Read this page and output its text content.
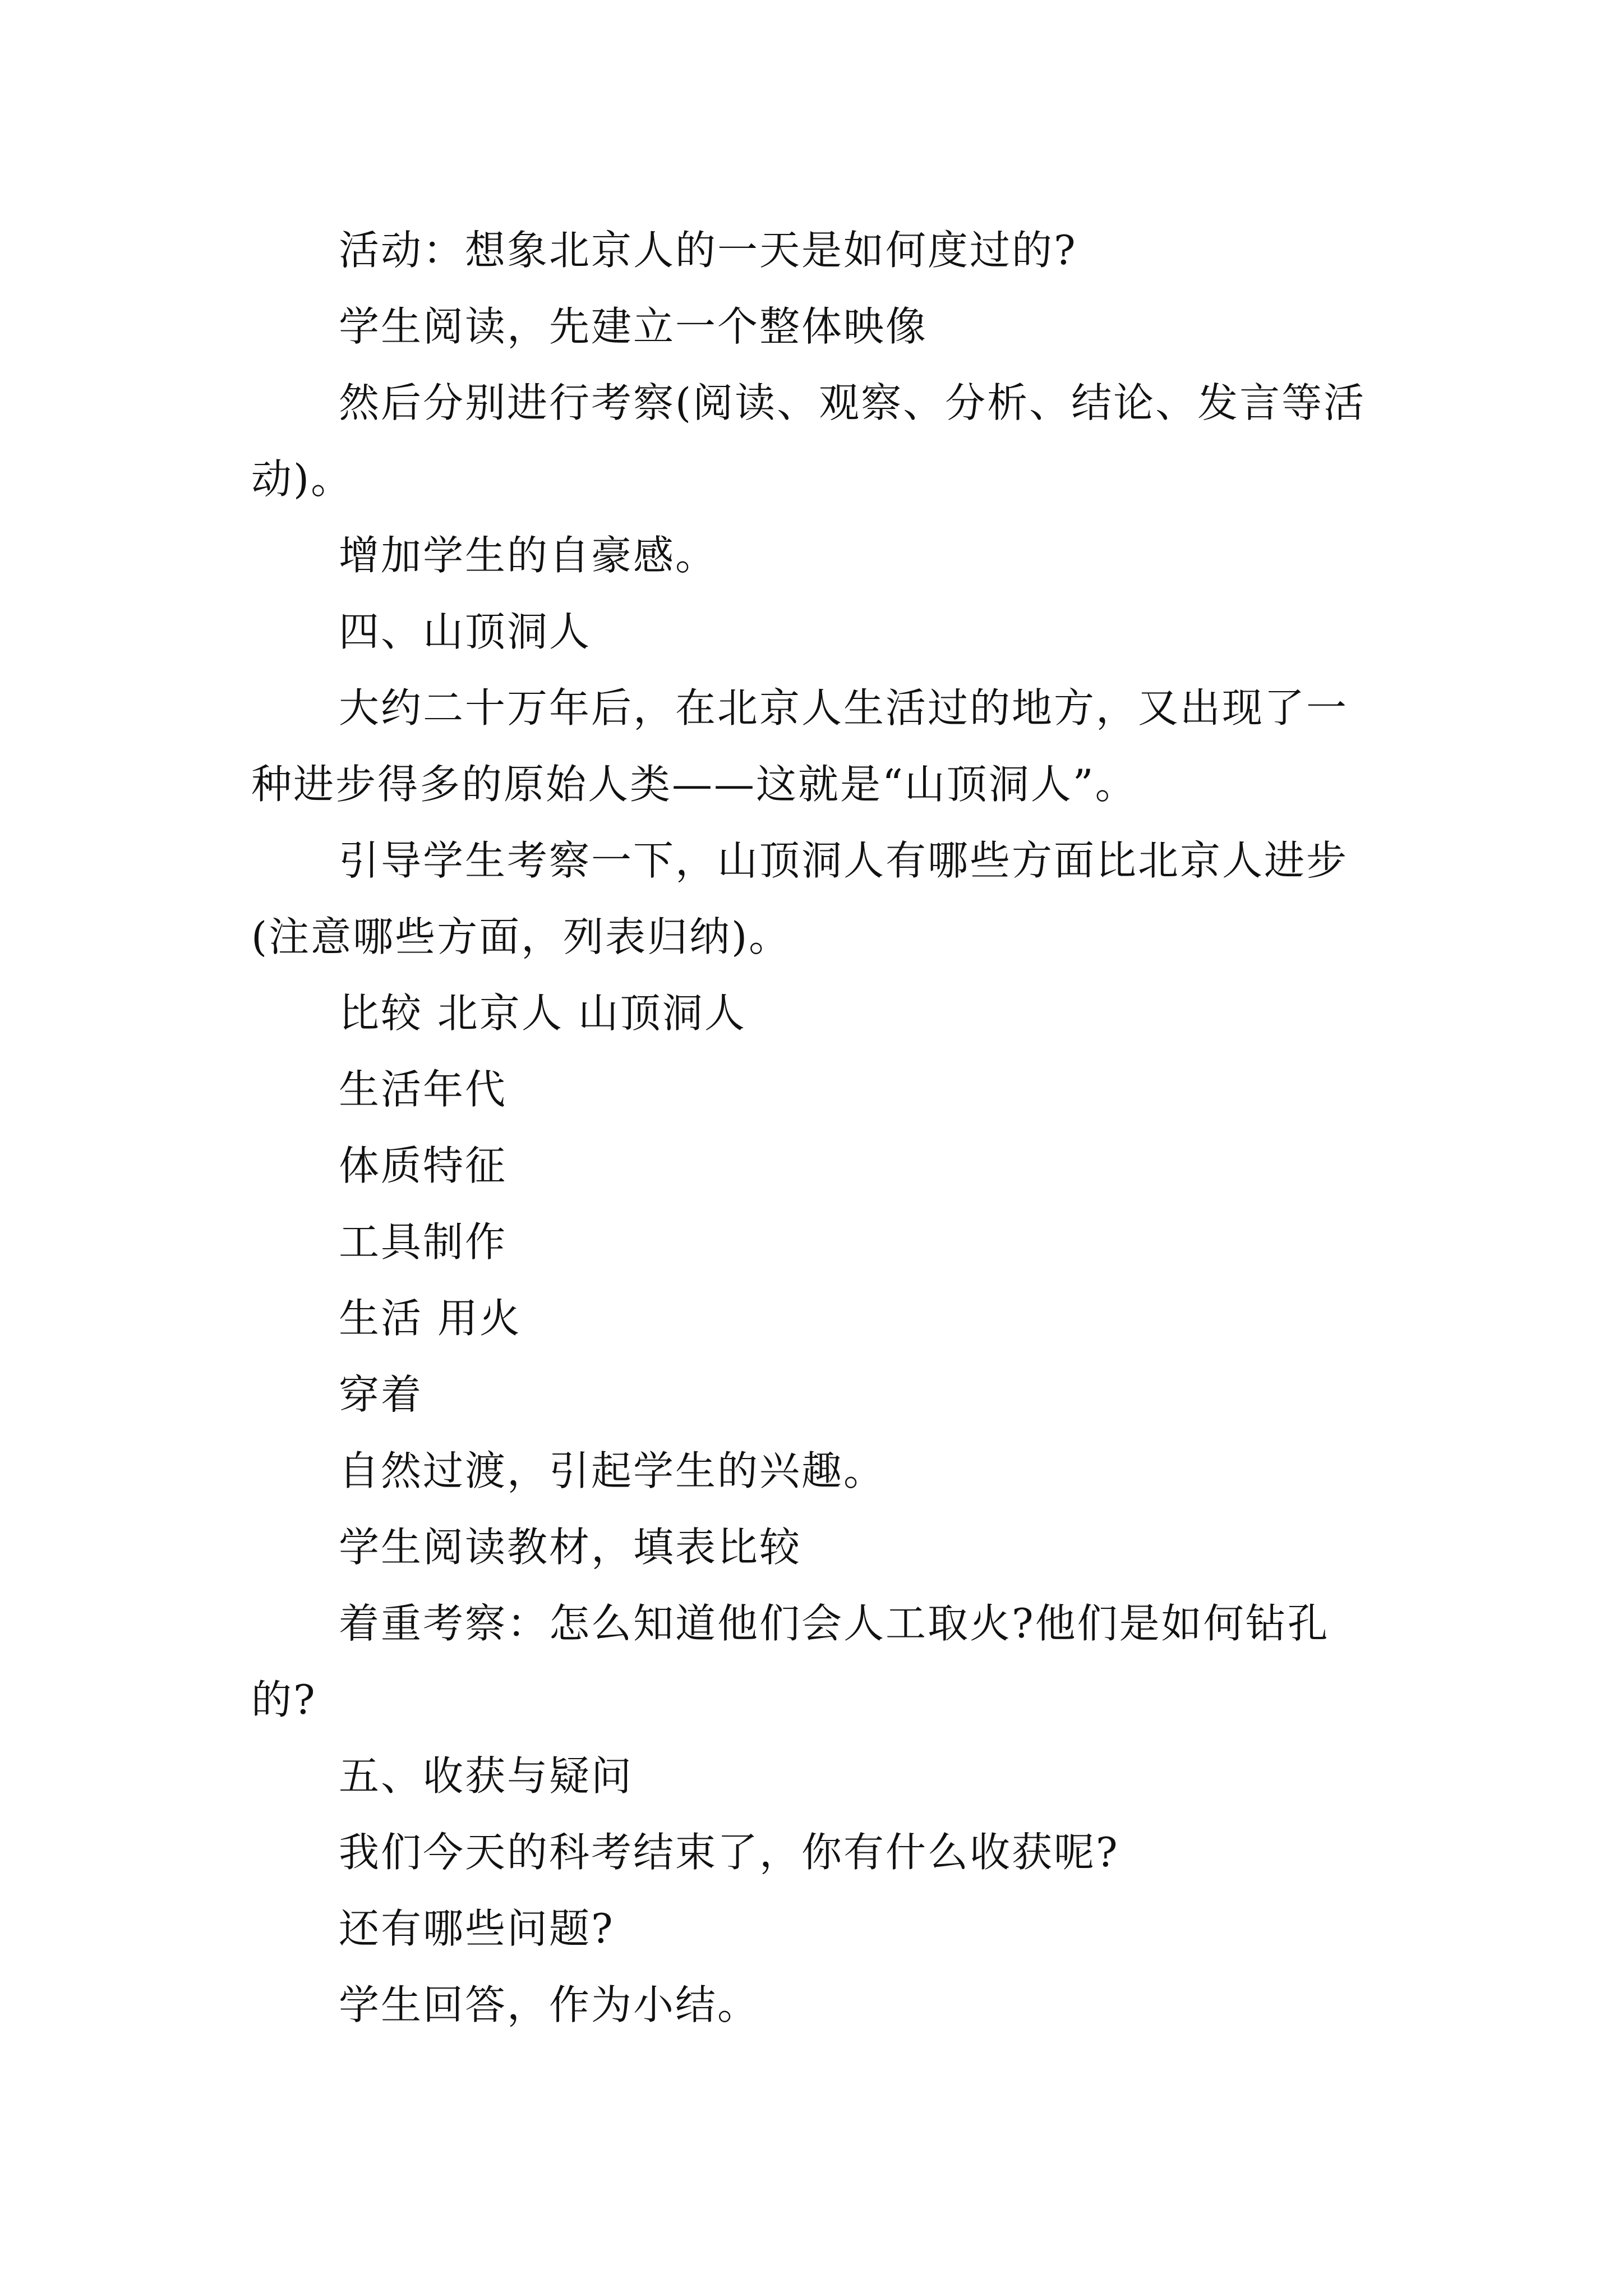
活动：想象北京人的一天是如何度过的?

学生阅读，先建立一个整体映像

然后分别进行考察(阅读、观察、分析、结论、发言等活动)。

增加学生的自豪感。

四、山顶洞人

大约二十万年后，在北京人生活过的地方，又出现了一种进步得多的原始人类——这就是“山顶洞人”。

引导学生考察一下，山顶洞人有哪些方面比北京人进步(注意哪些方面，列表归纳)。

比较 北京人 山顶洞人

生活年代

体质特征

工具制作

生活 用火

穿着

自然过渡，引起学生的兴趣。

学生阅读教材，填表比较

着重考察：怎么知道他们会人工取火?他们是如何钻孔的?

五、收获与疑问

我们今天的科考结束了，你有什么收获呢?

还有哪些问题?

学生回答，作为小结。
